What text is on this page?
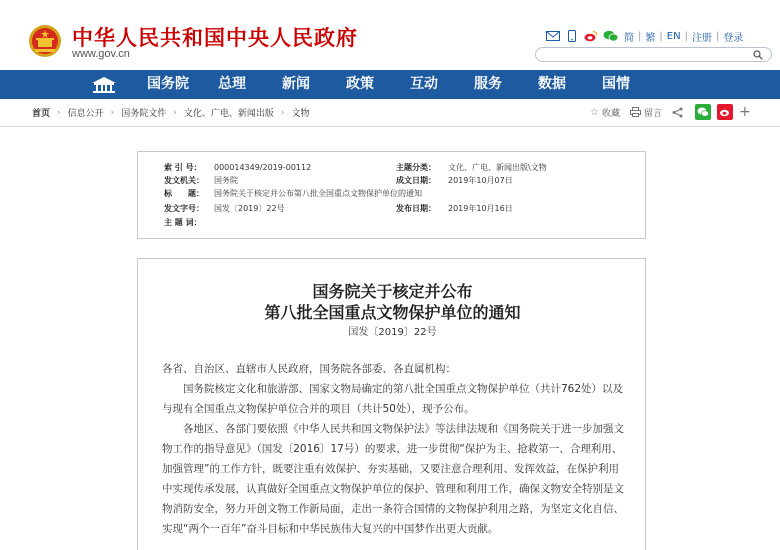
中华人民共和国中央人民政府
www.gov.cn
简 | 繁 | EN | 注册 | 登录
国务院	总理	新闻	政策	互动	服务	数据	国情
首页 › 信息公开 › 国务院文件 › 文化、广电、新闻出版 › 文物	☆ 收藏	留言	+
索 引 号：	000014349/2019-00112	主题分类：	文化、广电、新闻出版\文物
发文机关：	国务院	成文日期：	2019年10月07日
标　　题：	国务院关于核定并公布第八批全国重点文物保护单位的通知
发文字号：	国发〔2019〕22号	发布日期：	2019年10月16日
主 题 词：
国务院关于核定并公布
第八批全国重点文物保护单位的通知
国发〔2019〕22号
各省、自治区、直辖市人民政府，国务院各部委、各直属机构：
国务院核定文化和旅游部、国家文物局确定的第八批全国重点文物保护单位（共计762处）以及与现有全国重点文物保护单位合并的项目（共计50处），现予公布。
各地区、各部门要依照《中华人民共和国文物保护法》等法律法规和《国务院关于进一步加强文物工作的指导意见》（国发〔2016〕17号）的要求，进一步贯彻“保护为主、抢救第一、合理利用、加强管理”的工作方针，既要注重有效保护、夯实基础，又要注意合理利用、发挥效益，在保护利用中实现传承发展，认真做好全国重点文物保护单位的保护、管理和利用工作，确保文物安全特别是文物消防安全，努力开创文物工作新局面，走出一条符合国情的文物保护利用之路，为坚定文化自信、实现“两个一百年”奋斗目标和中华民族伟大复兴的中国梦作出更大贡献。
